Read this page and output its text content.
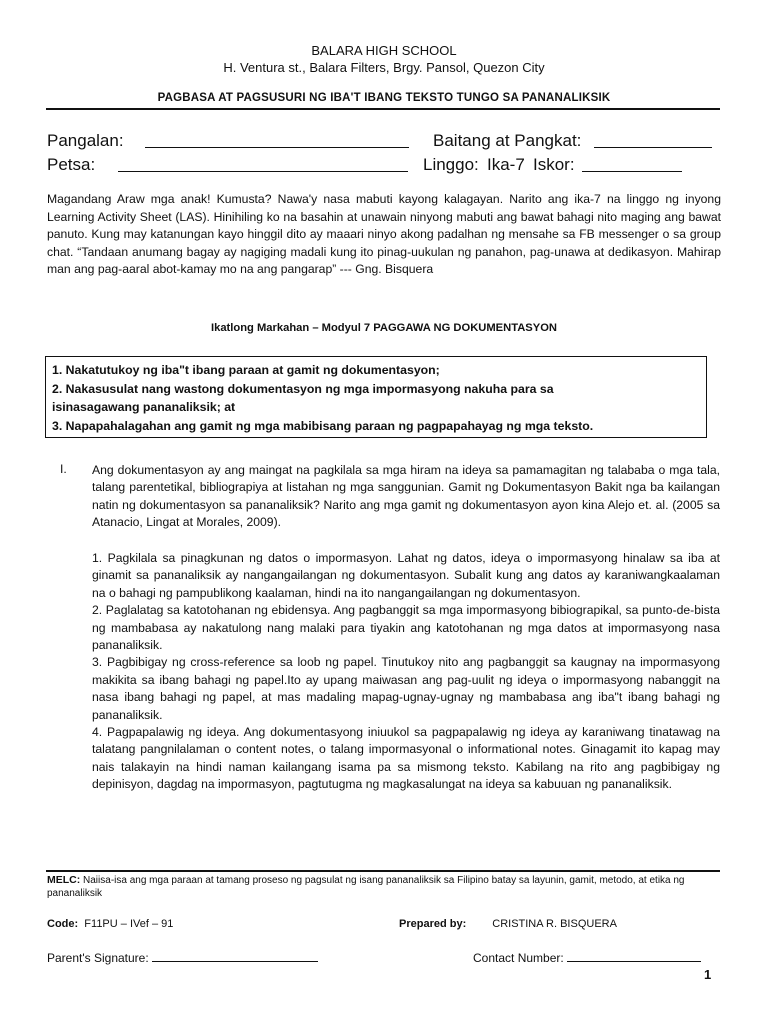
BALARA HIGH SCHOOL
H. Ventura st., Balara Filters, Brgy. Pansol, Quezon City
PAGBASA AT PAGSUSURI NG IBA'T IBANG TEKSTO TUNGO SA PANANALIKSIK
Pangalan:	Baitang at Pangkat:
Petsa:	Linggo: Ika-7 Iskor:
Magandang Araw mga anak! Kumusta? Nawa'y nasa mabuti kayong kalagayan. Narito ang ika-7 na linggo ng inyong Learning Activity Sheet (LAS). Hinihiling ko na basahin at unawain ninyong mabuti ang bawat bahagi nito maging ang bawat panuto. Kung may katanungan kayo hinggil dito ay maaari ninyo akong padalhan ng mensahe sa FB messenger o sa group chat. “Tandaan anumang bagay ay nagiging madali kung ito pinag-uukulan ng panahon, pag-unawa at dedikasyon. Mahirap man ang pag-aaral abot-kamay mo na ang pangarap” --- Gng. Bisquera
Ikatlong Markahan – Modyul 7 PAGGAWA NG DOKUMENTASYON
1. Nakatutukoy ng iba"t ibang paraan at gamit ng dokumentasyon;
2. Nakasusulat nang wastong dokumentasyon ng mga impormasyong nakuha para sa
isinasagawang pananaliksik; at
3. Napapahalagahan ang gamit ng mga mabibisang paraan ng pagpapahayag ng mga teksto.
I. Ang dokumentasyon ay ang maingat na pagkilala sa mga hiram na ideya sa pamamagitan ng talababa o mga tala, talang parentetikal, bibliograpiya at listahan ng mga sanggunian. Gamit ng Dokumentasyon Bakit nga ba kailangan natin ng dokumentasyon sa pananaliksik? Narito ang mga gamit ng dokumentasyon ayon kina Alejo et. al. (2005 sa Atanacio, Lingat at Morales, 2009).

1. Pagkilala sa pinagkunan ng datos o impormasyon. Lahat ng datos, ideya o impormasyong hinalaw sa iba at ginamit sa pananaliksik ay nangangailangan ng dokumentasyon. Subalit kung ang datos ay karaniwangkaalaman na o bahagi ng pampublikong kaalaman, hindi na ito nangangailangan ng dokumentasyon.

2. Paglalatag sa katotohanan ng ebidensya. Ang pagbanggit sa mga impormasyong bibiograpikal, sa punto-de-bista ng mambabasa ay nakatulong nang malaki para tiyakin ang katotohanan ng mga datos at impormasyong nasa pananaliksik.

3. Pagbibigay ng cross-reference sa loob ng papel. Tinutukoy nito ang pagbanggit sa kaugnay na impormasyong makikita sa ibang bahagi ng papel.Ito ay upang maiwasan ang pag-uulit ng ideya o impormasyong nabanggit na nasa ibang bahagi ng papel, at mas madaling mapag-ugnay-ugnay ng mambabasa ang iba"t ibang bahagi ng pananaliksik.

4. Pagpapalawig ng ideya. Ang dokumentasyong iniuukol sa pagpapalawig ng ideya ay karaniwang tinatawag na talatang pangnilalaman o content notes, o talang impormasyonal o informational notes. Ginagamit ito kapag may nais talakayin na hindi naman kailangang isama pa sa mismong teksto. Kabilang na rito ang pagbibigay ng depinisyon, dagdag na impormasyon, pagtutugma ng magkasalungat na ideya sa kabuuan ng pananaliksik.

MELC: Naiisa-isa ang mga paraan at tamang proseso ng pagsulat ng isang pananaliksik sa Filipino batay sa layunin, gamit, metodo, at etika ng pananaliksik
Code: F11PU – IVef – 91	Prepared by: CRISTINA R. BISQUERA
Parent's Signature:	Contact Number:
1
